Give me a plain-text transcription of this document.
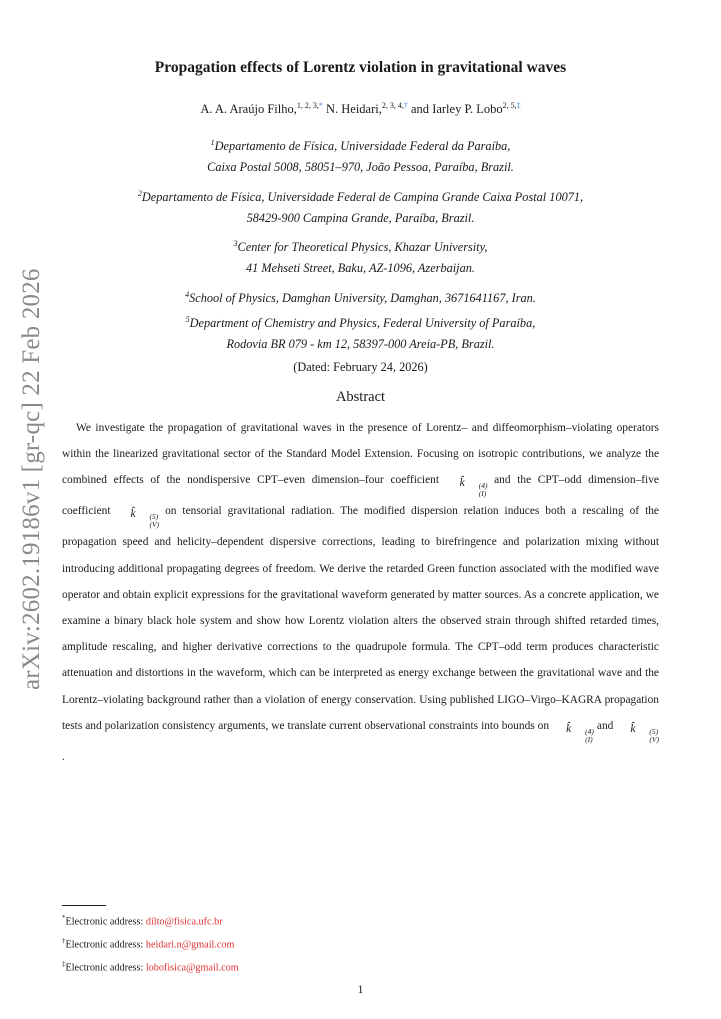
arXiv:2602.19186v1 [gr-qc] 22 Feb 2026
Propagation effects of Lorentz violation in gravitational waves
A. A. Araújo Filho,$^{1, 2, 3,*}$ N. Heidari,$^{2, 3, 4,\dagger}$ and Iarley P. Lobo$^{2, 5,\ddagger}$
$^1$Departamento de Física, Universidade Federal da Paraíba,
Caixa Postal 5008, 58051–970, João Pessoa, Paraíba, Brazil.
$^2$Departamento de Física, Universidade Federal de Campina Grande Caixa Postal 10071,
58429-900 Campina Grande, Paraíba, Brazil.
$^3$Center for Theoretical Physics, Khazar University,
41 Mehseti Street, Baku, AZ-1096, Azerbaijan.
$^4$School of Physics, Damghan University, Damghan, 3671641167, Iran.
$^5$Department of Chemistry and Physics, Federal University of Paraíba,
Rodovia BR 079 - km 12, 58397-000 Areia-PB, Brazil.
(Dated: February 24, 2026)
Abstract
We investigate the propagation of gravitational waves in the presence of Lorentz– and diffeomorphism–violating operators within the linearized gravitational sector of the Standard Model Extension. Focusing on isotropic contributions, we analyze the combined effects of the nondispersive CPT–even dimension–four coefficient k̂	(4)
(I)
and the CPT–odd dimension–five coefficient k̂	(5)
(V)
on tensorial gravitational radiation. The modified dispersion relation induces both a rescaling of the propagation speed and helicity–dependent dispersive corrections, leading to birefringence and polarization mixing without introducing additional propagating degrees of freedom. We derive the retarded Green function associated with the modified wave operator and obtain explicit expressions for the gravitational waveform generated by matter sources. As a concrete application, we examine a binary black hole system and show how Lorentz violation alters the observed strain through shifted retarded times, amplitude rescaling, and higher derivative corrections to the quadrupole formula. The CPT–odd term produces characteristic attenuation and distortions in the waveform, which can be interpreted as energy exchange between the gravitational wave and the Lorentz–violating background rather than a violation of energy conservation. Using published LIGO–Virgo–KAGRA propagation tests and polarization consistency arguments, we translate current observational constraints into bounds on k̂	(4)
(I)
and k̂	(5)
(V)
.
*Electronic address: dilto@fisica.ufc.br
†Electronic address: heidari.n@gmail.com
‡Electronic address: lobofisica@gmail.com
1
